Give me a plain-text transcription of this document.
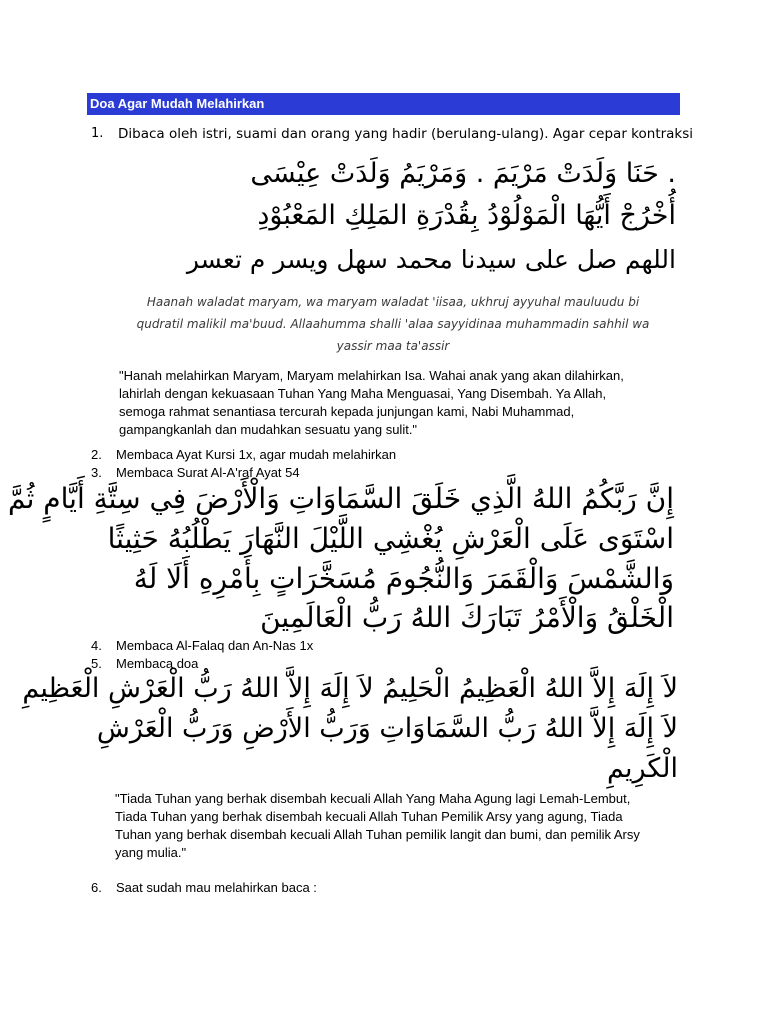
Doa Agar Mudah Melahirkan
1. Dibaca oleh istri, suami dan orang yang hadir (berulang-ulang). Agar cepar kontraksi
. حَنَا وَلَدَتْ مَرْيَمَ . وَمَرْيَمُ وَلَدَتْ عِيْسَى
أُخْرُجْ أَيُّهَا الْمَوْلُوْدُ بِقُدْرَةِ المَلِكِ المَعْبُوْدِ
اللهم صل على سيدنا محمد سهل ويسر م تعسر
Haanah waladat maryam, wa maryam waladat 'iisaa, ukhruj ayyuhal mauluudu bi
qudratil malikil ma'buud. Allaahumma shalli 'alaa sayyidinaa muhammadin sahhil wa
yassir maa ta'assir
"Hanah melahirkan Maryam, Maryam melahirkan Isa. Wahai anak yang akan dilahirkan,
lahirlah dengan kekuasaan Tuhan Yang Maha Menguasai, Yang Disembah. Ya Allah,
semoga rahmat senantiasa tercurah kepada junjungan kami, Nabi Muhammad,
gampangkanlah dan mudahkan sesuatu yang sulit."
2. Membaca Ayat Kursi 1x, agar mudah melahirkan
3. Membaca Surat Al-A'raf Ayat 54
إِنَّ رَبَّكُمُ اللهُ الَّذِي خَلَقَ السَّمَاوَاتِ وَالْأَرْضَ فِي سِتَّةِ أَيَّامٍ ثُمَّ
اسْتَوَى عَلَى الْعَرْشِ يُغْشِي اللَّيْلَ النَّهَارَ يَطْلُبُهُ حَثِيثًا
وَالشَّمْسَ وَالْقَمَرَ وَالنُّجُومَ مُسَخَّرَاتٍ بِأَمْرِهِ أَلَا لَهُ
الْخَلْقُ وَالْأَمْرُ تَبَارَكَ اللهُ رَبُّ الْعَالَمِينَ
4. Membaca Al-Falaq dan An-Nas 1x
5. Membaca doa
لاَ إِلَهَ إِلاَّ اللهُ الْعَظِيمُ الْحَلِيمُ لاَ إِلَهَ إِلاَّ اللهُ رَبُّ الْعَرْشِ الْعَظِيمِ
لاَ إِلَهَ إِلاَّ اللهُ رَبُّ السَّمَاوَاتِ وَرَبُّ الأَرْضِ وَرَبُّ الْعَرْشِ
الْكَرِيمِ
"Tiada Tuhan yang berhak disembah kecuali Allah Yang Maha Agung lagi Lemah-Lembut,
Tiada Tuhan yang berhak disembah kecuali Allah Tuhan Pemilik Arsy yang agung, Tiada
Tuhan yang berhak disembah kecuali Allah Tuhan pemilik langit dan bumi, dan pemilik Arsy
yang mulia."
6. Saat sudah mau melahirkan baca :
